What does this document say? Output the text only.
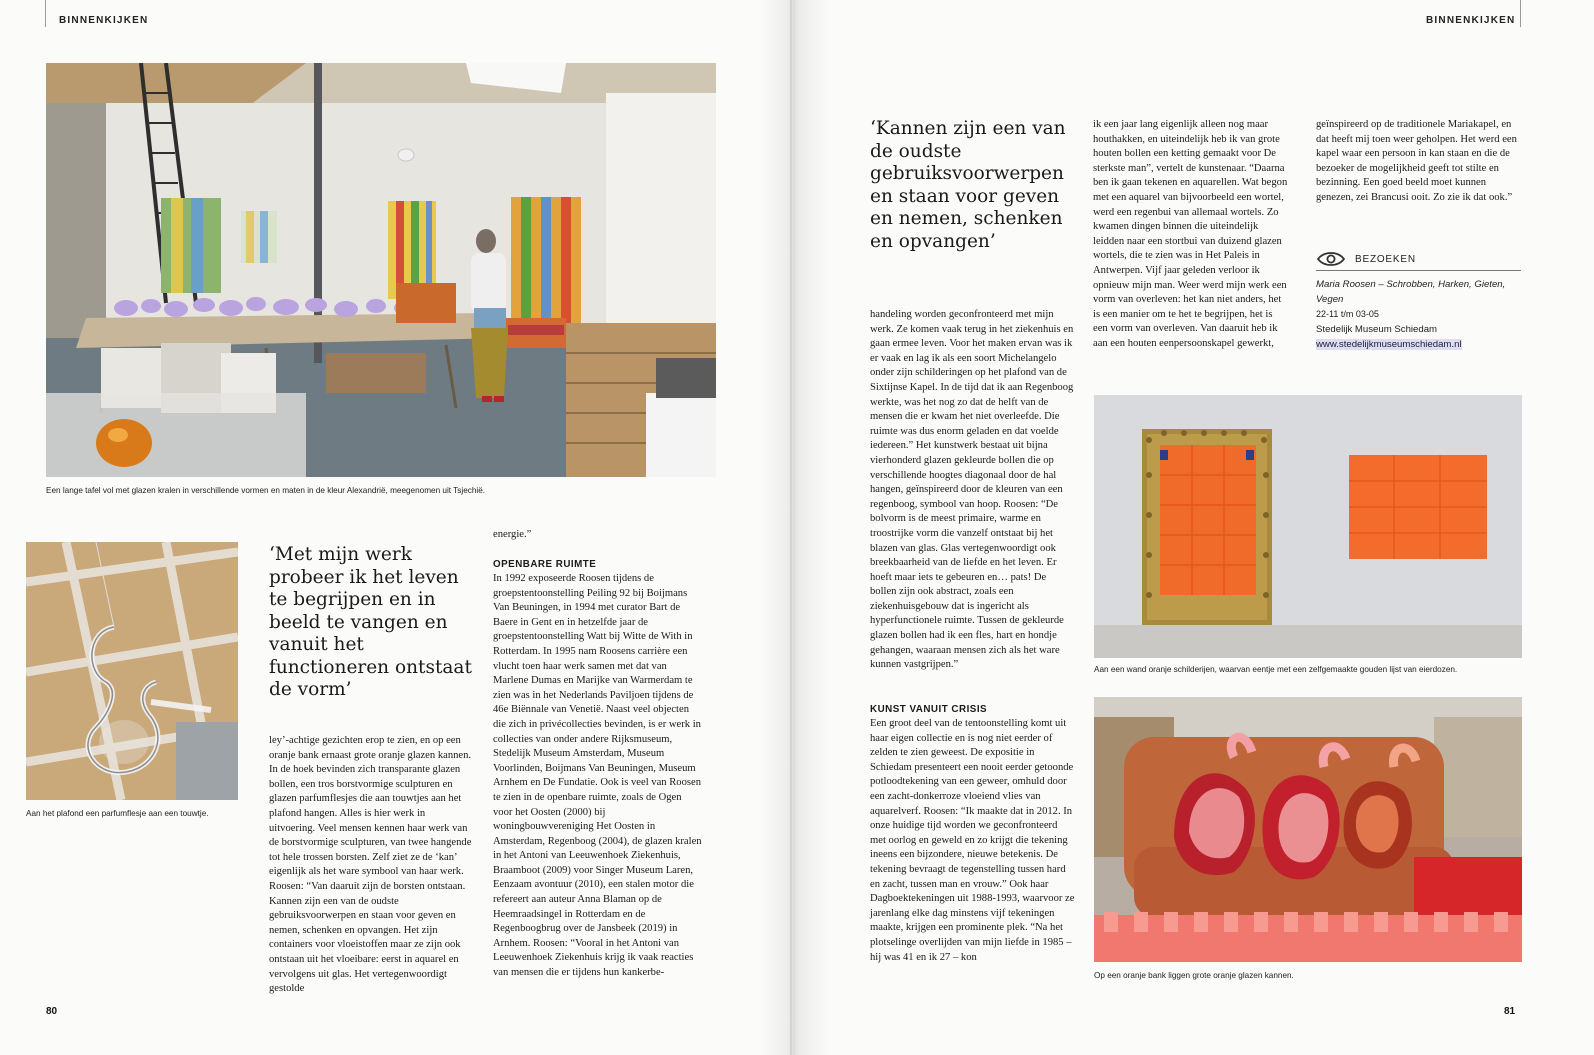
BINNENKIJKEN
Een lange tafel vol met glazen kralen in verschillende vormen en maten in de kleur Alexandrië, meegenomen uit Tsjechië.
Aan het plafond een parfumflesje aan een touwtje.
‘Met mijn werk probeer ik het leven te begrijpen en in beeld te vangen en vanuit het functioneren ontstaat de vorm’
ley’-achtige gezichten erop te zien, en op een oranje bank ernaast grote oranje glazen kannen. In de hoek bevinden zich transparante glazen bollen, een tros borstvormige sculpturen en glazen parfumflesjes die aan touwtjes aan het plafond hangen. Alles is hier werk in uitvoering. Veel mensen kennen haar werk van de borstvormige sculpturen, van twee hangende tot hele trossen borsten. Zelf ziet ze de ‘kan’ eigenlijk als het ware symbool van haar werk. Roosen: “Van daaruit zijn de borsten ontstaan. Kannen zijn een van de oudste gebruiksvoorwerpen en staan voor geven en nemen, schenken en opvangen. Het zijn containers voor vloeistoffen maar ze zijn ook ontstaan uit het vloeibare: eerst in aquarel en vervolgens uit glas. Het vertegenwoordigt gestolde
energie.”
OPENBARE RUIMTE
In 1992 exposeerde Roosen tijdens de groepstentoonstelling Peiling 92 bij Boijmans Van Beuningen, in 1994 met curator Bart de Baere in Gent en in hetzelfde jaar de groepstentoonstelling Watt bij Witte de With in Rotterdam. In 1995 nam Roosens carrière een vlucht toen haar werk samen met dat van Marlene Dumas en Marijke van Warmerdam te zien was in het Nederlands Paviljoen tijdens de 46e Biënnale van Venetië. Naast veel objecten die zich in privécollecties bevinden, is er werk in collecties van onder andere Rijksmuseum, Stedelijk Museum Amsterdam, Museum Voorlinden, Boijmans Van Beuningen, Museum Arnhem en De Fundatie. Ook is veel van Roosen te zien in de openbare ruimte, zoals de Ogen voor het Oosten (2000) bij woningbouwvereniging Het Oosten in Amsterdam, Regenboog (2004), de glazen kralen in het Antoni van Leeuwenhoek Ziekenhuis, Braamboot (2009) voor Singer Museum Laren, Eenzaam avontuur (2010), een stalen motor die refereert aan auteur Anna Blaman op de Heemraadsingel in Rotterdam en de Regenboogbrug over de Jansbeek (2019) in Arnhem. Roosen: “Vooral in het Antoni van Leeuwenhoek Ziekenhuis krijg ik vaak reacties van mensen die er tijdens hun kankerbe-
80
BINNENKIJKEN
‘Kannen zijn een van de oudste gebruiksvoorwerpen en staan voor geven en nemen, schenken en opvangen’
handeling worden geconfronteerd met mijn werk. Ze komen vaak terug in het ziekenhuis en gaan ermee leven. Voor het maken ervan was ik er vaak en lag ik als een soort Michelangelo onder zijn schilderingen op het plafond van de Sixtijnse Kapel. In de tijd dat ik aan Regenboog werkte, was het nog zo dat de helft van de mensen die er kwam het niet overleefde. Die ruimte was dus enorm geladen en dat voelde iedereen.” Het kunstwerk bestaat uit bijna vierhonderd glazen gekleurde bollen die op verschillende hoogtes diagonaal door de hal hangen, geïnspireerd door de kleuren van een regenboog, symbool van hoop. Roosen: “De bolvorm is de meest primaire, warme en troostrijke vorm die vanzelf ontstaat bij het blazen van glas. Glas vertegenwoordigt ook breekbaarheid van de liefde en het leven. Er hoeft maar iets te gebeuren en… pats! De bollen zijn ook abstract, zoals een ziekenhuisgebouw dat is ingericht als hyperfunctionele ruimte. Tussen de gekleurde glazen bollen had ik een fles, hart en hondje gehangen, waaraan mensen zich als het ware kunnen vastgrijpen.”
KUNST VANUIT CRISIS
Een groot deel van de tentoonstelling komt uit haar eigen collectie en is nog niet eerder of zelden te zien geweest. De expositie in Schiedam presenteert een nooit eerder getoonde potloodtekening van een geweer, omhuld door een zacht-donkerroze vloeiend vlies van aquarelverf. Roosen: “Ik maakte dat in 2012. In onze huidige tijd worden we geconfronteerd met oorlog en geweld en zo krijgt die tekening ineens een bijzondere, nieuwe betekenis. De tekening bevraagt de tegenstelling tussen hard en zacht, tussen man en vrouw.” Ook haar Dagboektekeningen uit 1988-1993, waarvoor ze jarenlang elke dag minstens vijf tekeningen maakte, krijgen een prominente plek. “Na het plotselinge overlijden van mijn liefde in 1985 – hij was 41 en ik 27 – kon
ik een jaar lang eigenlijk alleen nog maar houthakken, en uiteindelijk heb ik van grote houten bollen een ketting gemaakt voor De sterkste man”, vertelt de kunstenaar. “Daarna ben ik gaan tekenen en aquarellen. Wat begon met een aquarel van bijvoorbeeld een wortel, werd een regenbui van allemaal wortels. Zo kwamen dingen binnen die uiteindelijk leidden naar een stortbui van duizend glazen wortels, die te zien was in Het Paleis in Antwerpen. Vijf jaar geleden verloor ik opnieuw mijn man. Weer werd mijn werk een vorm van overleven: het kan niet anders, het is een manier om te het te begrijpen, het is een vorm van overleven. Van daaruit heb ik aan een houten eenpersoonskapel gewerkt,
geïnspireerd op de traditionele Mariakapel, en dat heeft mij toen weer geholpen. Het werd een kapel waar een persoon in kan staan en die de bezoeker de mogelijkheid geeft tot stilte en bezinning. Een goed beeld moet kunnen genezen, zei Brancusi ooit. Zo zie ik dat ook.”
BEZOEKEN
Maria Roosen – Schrobben, Harken, Gieten, Vegen
22-11 t/m 03-05
Stedelijk Museum Schiedam
www.stedelijkmuseumschiedam.nl
Aan een wand oranje schilderijen, waarvan eentje met een zelfgemaakte gouden lijst van eierdozen.
Op een oranje bank liggen grote oranje glazen kannen.
81
